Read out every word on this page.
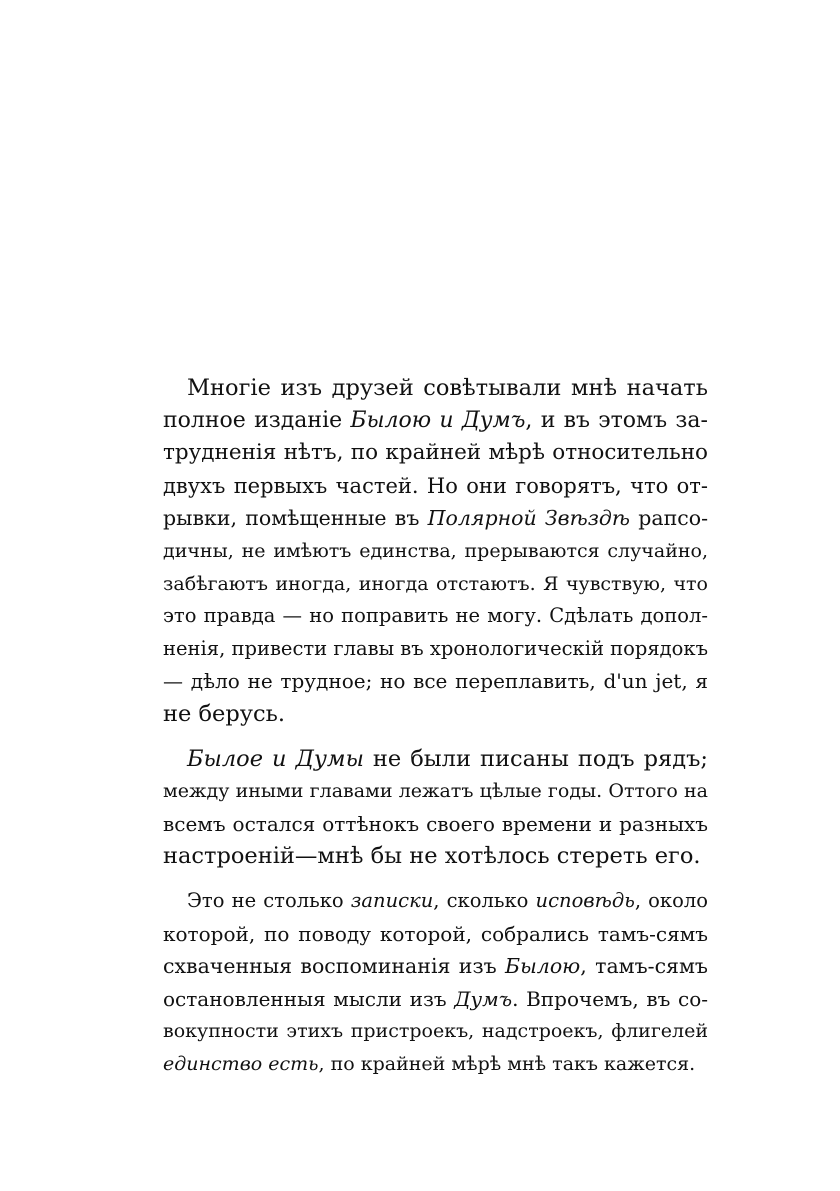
Многіе изъ друзей совѣтывали мнѣ начать
полное изданіе Былою и Думъ, и въ этомъ за-
трудненія нѣтъ, по крайней мѣрѣ относительно
двухъ первыхъ частей. Но они говорятъ, что от-
рывки, помѣщенные въ Полярной Звѣздѣ рапсо-
дичны, не имѣютъ единства, прерываются случайно,
забѣгаютъ иногда, иногда отстаютъ. Я чувствую, что
это правда — но поправить не могу. Сдѣлать допол-
ненія, привести главы въ хронологическій порядокъ
— дѣло не трудное; но все переплавить, d'un jet, я
не берусь.
Былое и Думы не были писаны подъ рядъ;
между иными главами лежатъ цѣлые годы. Оттого на
всемъ остался оттѣнокъ своего времени и разныхъ
настроеній—мнѣ бы не хотѣлось стереть его.
Это не столько записки, сколько исповѣдь, около
которой, по поводу которой, собрались тамъ-сямъ
схваченныя воспоминанія изъ Былою, тамъ-сямъ
остановленныя мысли изъ Думъ. Впрочемъ, въ со-
вокупности этихъ пристроекъ, надстроекъ, флигелей
единство есть, по крайней мѣрѣ мнѣ такъ кажется.
